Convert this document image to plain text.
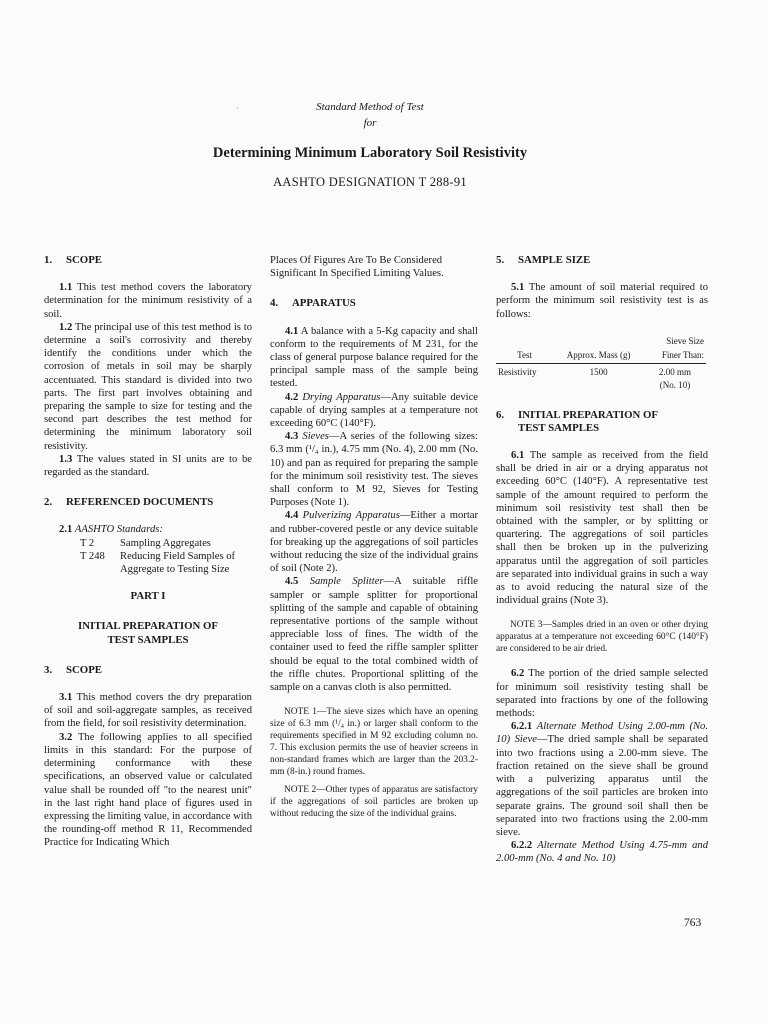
Standard Method of Test
for
Determining Minimum Laboratory Soil Resistivity
AASHTO DESIGNATION T 288-91
·

1. SCOPE

1.1 This test method covers the laboratory determination for the minimum resistivity of a soil.

1.2 The principal use of this test method is to determine a soil's corrosivity and thereby identify the conditions under which the corrosion of metals in soil may be sharply accentuated. This standard is divided into two parts. The first part involves obtaining and preparing the sample to size for testing and the second part describes the test method for determining the minimum laboratory soil resistivity.

1.3 The values stated in SI units are to be regarded as the standard.

2. REFERENCED DOCUMENTS

2.1 AASHTO Standards:

T 2	Sampling Aggregates
T 248	Reducing Field Samples of Aggregate to Testing Size
PART I
INITIAL PREPARATION OF
TEST SAMPLES

3. SCOPE

3.1 This method covers the dry preparation of soil and soil-aggregate samples, as received from the field, for soil resistivity determination.

3.2 The following applies to all specified limits in this standard: For the purpose of determining conformance with these specifications, an observed value or calculated value shall be rounded off "to the nearest unit" in the last right hand place of figures used in expressing the limiting value, in accordance with the rounding-off method R 11, Recommended Practice for Indicating Which

Places Of Figures Are To Be Considered Significant In Specified Limiting Values.

4. APPARATUS

4.1 A balance with a 5-Kg capacity and shall conform to the requirements of M 231, for the class of general purpose balance required for the principal sample mass of the sample being tested.

4.2 Drying Apparatus—Any suitable device capable of drying samples at a temperature not exceeding 60°C (140°F).

4.3 Sieves—A series of the following sizes: 6.3 mm (¹/₄ in.), 4.75 mm (No. 4), 2.00 mm (No. 10) and pan as required for preparing the sample for the minimum soil resistivity test. The sieves shall conform to M 92, Sieves for Testing Purposes (Note 1).

4.4 Pulverizing Apparatus—Either a mortar and rubber-covered pestle or any device suitable for breaking up the aggregations of soil particles without reducing the size of the individual grains of soil (Note 2).

4.5 Sample Splitter—A suitable riffle sampler or sample splitter for proportional splitting of the sample and capable of obtaining representative portions of the sample without appreciable loss of fines. The width of the container used to feed the riffle sampler splitter should be equal to the total combined width of the riffle chutes. Proportional splitting of the sample on a canvas cloth is also permitted.

NOTE 1—The sieve sizes which have an opening size of 6.3 mm (¹/₄ in.) or larger shall conform to the requirements specified in M 92 excluding column no. 7. This exclusion permits the use of heavier screens in non-standard frames which are larger than the 203.2-mm (8-in.) round frames.

NOTE 2—Other types of apparatus are satisfactory if the aggregations of soil particles are broken up without reducing the size of the individual grains.

5. SAMPLE SIZE

5.1 The amount of soil material required to perform the minimum soil resistivity test is as follows:

		Sieve Size
Test	Approx. Mass (g)	Finer Than:
Resistivity	1500	2.00 mm
(No. 10)

6. INITIAL PREPARATION OF

TEST SAMPLES

6.1 The sample as received from the field shall be dried in air or a drying apparatus not exceeding 60°C (140°F). A representative test sample of the amount required to perform the minimum soil resistivity test shall then be obtained with the sampler, or by splitting or quartering. The aggregations of soil particles shall then be broken up in the pulverizing apparatus until the aggregation of soil particles are separated into individual grains in such a way as to avoid reducing the natural size of the individual grains (Note 3).

NOTE 3—Samples dried in an oven or other drying apparatus at a temperature not exceeding 60°C (140°F) are considered to be air dried.

6.2 The portion of the dried sample selected for minimum soil resistivity testing shall be separated into fractions by one of the following methods:

6.2.1 Alternate Method Using 2.00-mm (No. 10) Sieve—The dried sample shall be separated into two fractions using a 2.00-mm sieve. The fraction retained on the sieve shall be ground with a pulverizing apparatus until the aggregations of the soil particles are broken into separate grains. The ground soil shall then be separated into two fractions using the 2.00-mm sieve.

6.2.2 Alternate Method Using 4.75-mm and 2.00-mm (No. 4 and No. 10)

763
